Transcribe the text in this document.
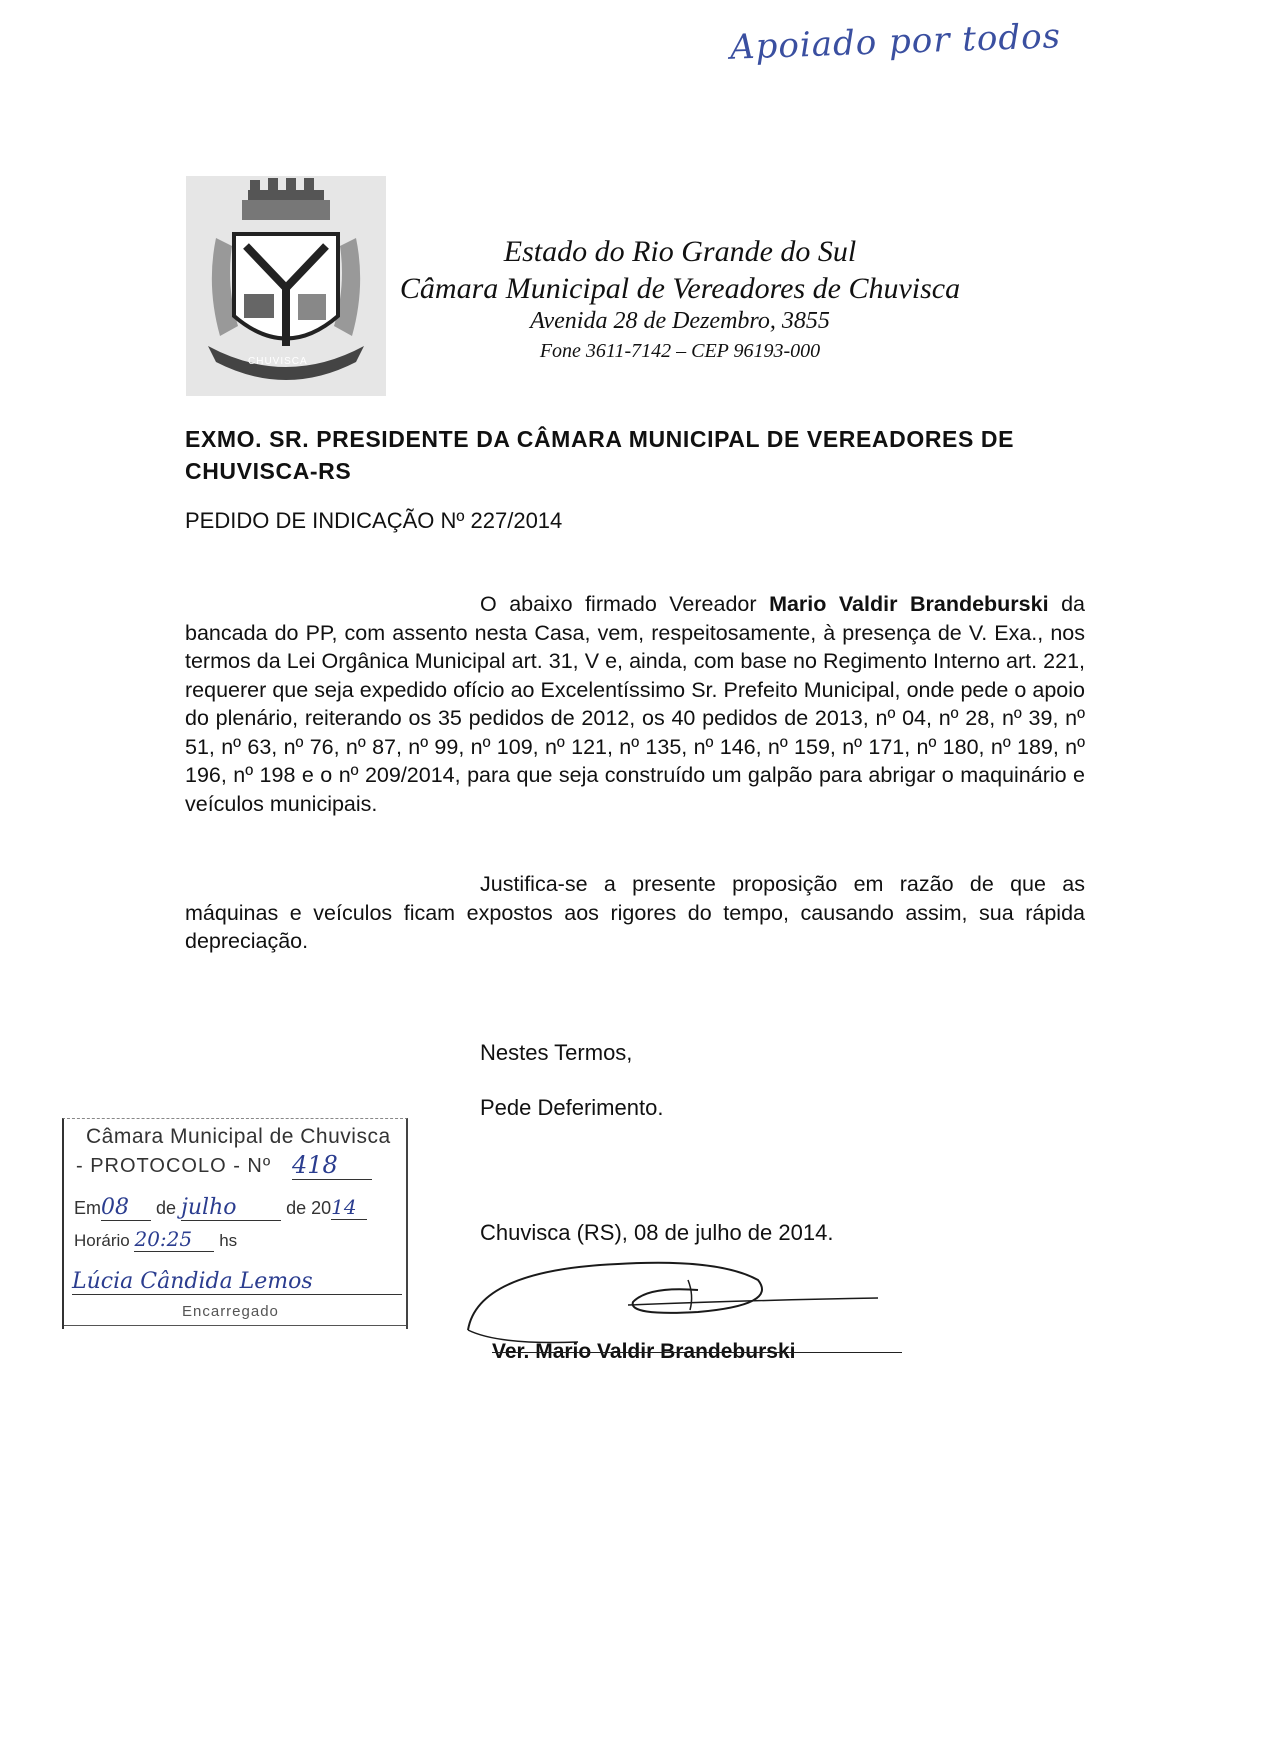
Apoiado por todos
CHUVISCA
Estado do Rio Grande do Sul
Câmara Municipal de Vereadores de Chuvisca
Avenida 28 de Dezembro, 3855
Fone 3611-7142 – CEP 96193-000
EXMO. SR. PRESIDENTE DA CÂMARA MUNICIPAL DE VEREADORES DE
CHUVISCA-RS
PEDIDO DE INDICAÇÃO Nº 227/2014
O abaixo firmado Vereador Mario Valdir Brandeburski da bancada do PP, com assento nesta Casa, vem, respeitosamente, à presença de V. Exa., nos termos da Lei Orgânica Municipal art. 31, V e, ainda, com base no Regimento Interno art. 221, requerer que seja expedido ofício ao Excelentíssimo Sr. Prefeito Municipal, onde pede o apoio do plenário, reiterando os 35 pedidos de 2012, os 40 pedidos de 2013, nº 04, nº 28, nº 39, nº 51, nº 63, nº 76, nº 87, nº 99, nº 109, nº 121, nº 135, nº 146, nº 159, nº 171, nº 180, nº 189, nº 196, nº 198 e o nº 209/2014, para que seja construído um galpão para abrigar o maquinário e veículos municipais.
Justifica-se a presente proposição em razão de que as máquinas e veículos ficam expostos aos rigores do tempo, causando assim, sua rápida depreciação.
Nestes Termos,
Pede Deferimento.
Chuvisca (RS), 08 de julho de 2014.
Câmara Municipal de Chuvisca
- PROTOCOLO - Nº 418
Em08 de julho	de 2014
Horário 20:25 hs
Lúcia Cândida Lemos
Encarregado
Ver. Mario Valdir Brandeburski
